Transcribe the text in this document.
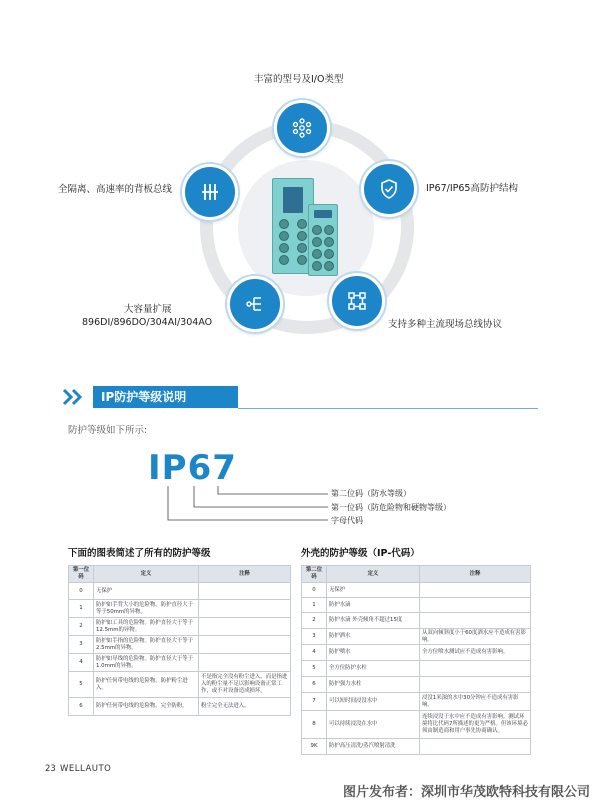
丰富的型号及I/O类型
IP67/IP65高防护结构
全隔离、高速率的背板总线
大容量扩展
896DI/896DO/304AI/304AO	支持多种主流现场总线协议
IP防护等级说明
防护等级如下所示:
IP67
第二位码（防水等级）
第一位码（防危险物和硬物等级）
字母代码
下面的图表简述了所有的防护等级
第一位码	定义	注释
0	无保护	
1	防护如手背大小的危险物。防护直径大于等于50mm的异物。	
2	防护如工具的危险物。防护直径大于等于12.5mm的异物。	
3	防护如手指的危险物。防护直径大于等于2.5mm的异物。	
4	防护如导线的危险物。防护直径大于等于1.0mm的异物。	
5	防护任何带电线的危险物。防护粉尘进入。	不是指完全没有粉尘进入，而是指进入的粉尘量不足以影响设备正常工作，或不对设备造成损坏。
6	防护任何带电线的危险物。完全防粉。	粉尘完全无法进入。
外壳的防护等级（IP-代码）
第二位码	定义	注释
0	无保护	
1	防护水滴	
2	防护水滴 外壳倾角不超过15度	
3	防护洒水	从双向倾斜度小于60度洒水应不造成有害影响。
4	防护喷水	全方位喷水测试应不造成有害影响。
5	全方位防护水柱	
6	防护强力水柱	
7	可以短时间浸没水中	浸没1米深的水中30分钟应不造成有害影响。
8	可以持续浸没在水中	连续浸没于水中应不造成有害影响。测试环境将比代码7所描述的更为严格。但该环境必须由制造商和用户事先协商确认。
9K	防护高压清洗/蒸汽喷射清洗	
23 WELLAUTO
图片发布者：深圳市华茂欧特科技有限公司
